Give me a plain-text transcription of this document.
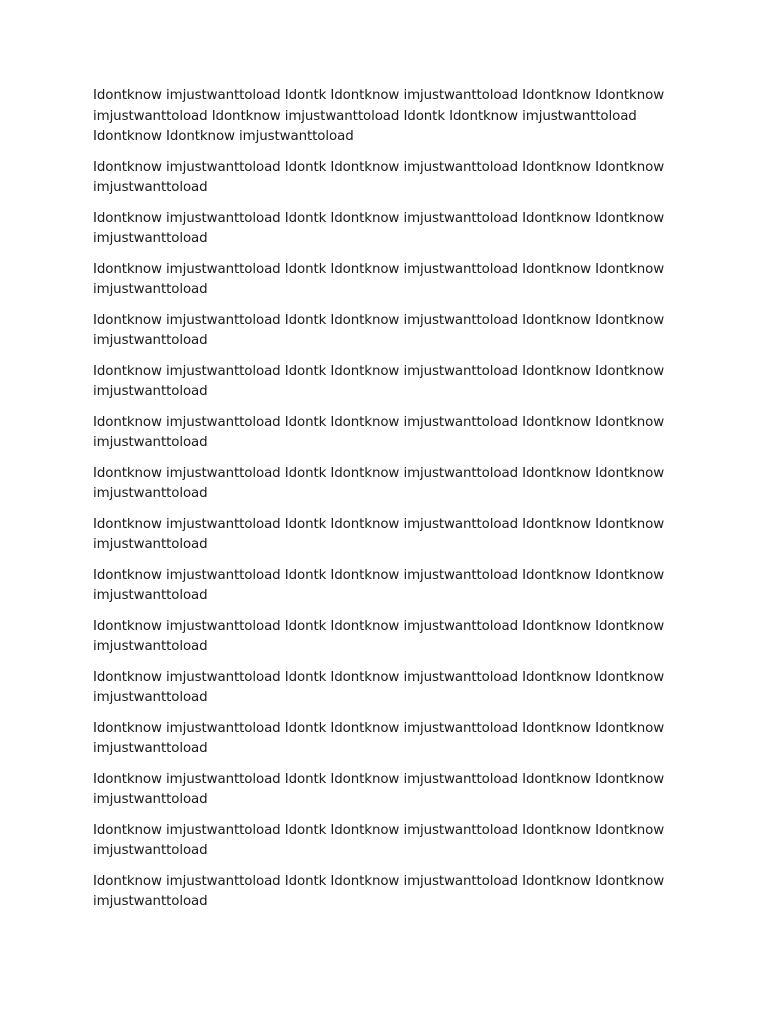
Idontknow imjustwanttoload Idontk Idontknow imjustwanttoload Idontknow Idontknow imjustwanttoload Idontknow imjustwanttoload Idontk Idontknow imjustwanttoload Idontknow Idontknow imjustwanttoload

Idontknow imjustwanttoload Idontk Idontknow imjustwanttoload Idontknow Idontknow imjustwanttoload

Idontknow imjustwanttoload Idontk Idontknow imjustwanttoload Idontknow Idontknow imjustwanttoload

Idontknow imjustwanttoload Idontk Idontknow imjustwanttoload Idontknow Idontknow imjustwanttoload

Idontknow imjustwanttoload Idontk Idontknow imjustwanttoload Idontknow Idontknow imjustwanttoload

Idontknow imjustwanttoload Idontk Idontknow imjustwanttoload Idontknow Idontknow imjustwanttoload

Idontknow imjustwanttoload Idontk Idontknow imjustwanttoload Idontknow Idontknow imjustwanttoload

Idontknow imjustwanttoload Idontk Idontknow imjustwanttoload Idontknow Idontknow imjustwanttoload

Idontknow imjustwanttoload Idontk Idontknow imjustwanttoload Idontknow Idontknow imjustwanttoload

Idontknow imjustwanttoload Idontk Idontknow imjustwanttoload Idontknow Idontknow imjustwanttoload

Idontknow imjustwanttoload Idontk Idontknow imjustwanttoload Idontknow Idontknow imjustwanttoload

Idontknow imjustwanttoload Idontk Idontknow imjustwanttoload Idontknow Idontknow imjustwanttoload

Idontknow imjustwanttoload Idontk Idontknow imjustwanttoload Idontknow Idontknow imjustwanttoload

Idontknow imjustwanttoload Idontk Idontknow imjustwanttoload Idontknow Idontknow imjustwanttoload

Idontknow imjustwanttoload Idontk Idontknow imjustwanttoload Idontknow Idontknow imjustwanttoload

Idontknow imjustwanttoload Idontk Idontknow imjustwanttoload Idontknow Idontknow imjustwanttoload
